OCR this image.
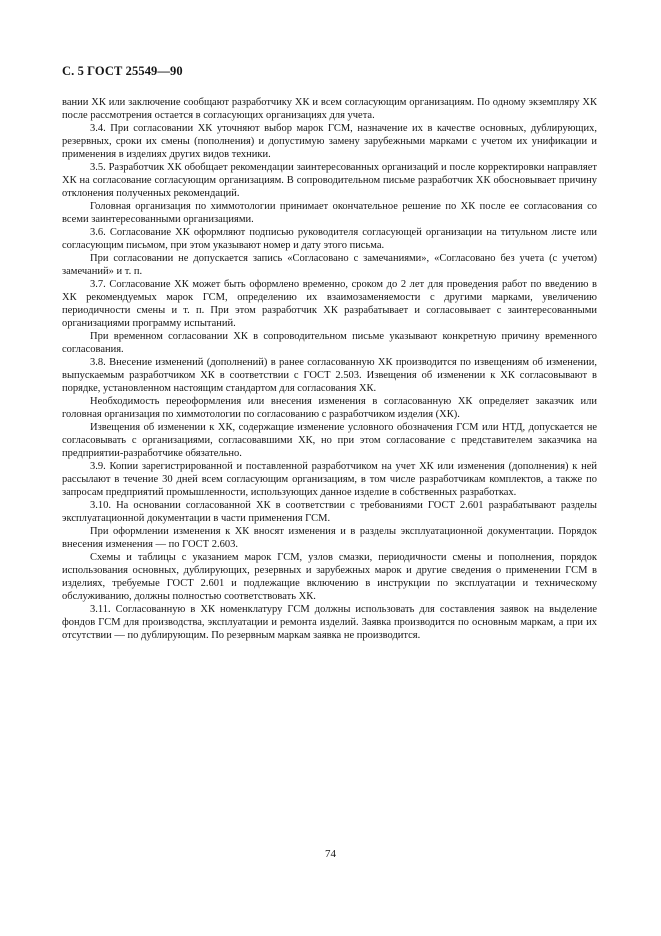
С. 5 ГОСТ 25549—90

вании ХК или заключение сообщают разработчику ХК и всем согласующим организациям. По одному экземпляру ХК после рассмотрения остается в согласующих организациях для учета.

3.4. При согласовании ХК уточняют выбор марок ГСМ, назначение их в качестве основных, дублирующих, резервных, сроки их смены (пополнения) и допустимую замену зарубежными марками с учетом их унификации и применения в изделиях других видов техники.

3.5. Разработчик ХК обобщает рекомендации заинтересованных организаций и после корректировки направляет ХК на согласование согласующим организациям. В сопроводительном письме разработчик ХК обосновывает причину отклонения полученных рекомендаций.

Головная организация по химмотологии принимает окончательное решение по ХК после ее согласования со всеми заинтересованными организациями.

3.6. Согласование ХК оформляют подписью руководителя согласующей организации на титульном листе или согласующим письмом, при этом указывают номер и дату этого письма.

При согласовании не допускается запись «Согласовано с замечаниями», «Согласовано без учета (с учетом) замечаний» и т. п.

3.7. Согласование ХК может быть оформлено временно, сроком до 2 лет для проведения работ по введению в ХК рекомендуемых марок ГСМ, определению их взаимозаменяемости с другими марками, увеличению периодичности смены и т. п. При этом разработчик ХК разрабатывает и согласовывает с заинтересованными организациями программу испытаний.

При временном согласовании ХК в сопроводительном письме указывают конкретную причину временного согласования.

3.8. Внесение изменений (дополнений) в ранее согласованную ХК производится по извещениям об изменении, выпускаемым разработчиком ХК в соответствии с ГОСТ 2.503. Извещения об изменении к ХК согласовывают в порядке, установленном настоящим стандартом для согласования ХК.

Необходимость переоформления или внесения изменения в согласованную ХК определяет заказчик или головная организация по химмотологии по согласованию с разработчиком изделия (ХК).

Извещения об изменении к ХК, содержащие изменение условного обозначения ГСМ или НТД, допускается не согласовывать с организациями, согласовавшими ХК, но при этом согласование с представителем заказчика на предприятии-разработчике обязательно.

3.9. Копии зарегистрированной и поставленной разработчиком на учет ХК или изменения (дополнения) к ней рассылают в течение 30 дней всем согласующим организациям, в том числе разработчикам комплектов, а также по запросам предприятий промышленности, использующих данное изделие в собственных разработках.

3.10. На основании согласованной ХК в соответствии с требованиями ГОСТ 2.601 разрабатывают разделы эксплуатационной документации в части применения ГСМ.

При оформлении изменения к ХК вносят изменения и в разделы эксплуатационной документации. Порядок внесения изменения — по ГОСТ 2.603.

Схемы и таблицы с указанием марок ГСМ, узлов смазки, периодичности смены и пополнения, порядок использования основных, дублирующих, резервных и зарубежных марок и другие сведения о применении ГСМ в изделиях, требуемые ГОСТ 2.601 и подлежащие включению в инструкции по эксплуатации и техническому обслуживанию, должны полностью соответствовать ХК.

3.11. Согласованную в ХК номенклатуру ГСМ должны использовать для составления заявок на выделение фондов ГСМ для производства, эксплуатации и ремонта изделий. Заявка производится по основным маркам, а при их отсутствии — по дублирующим. По резервным маркам заявка не производится.

74
